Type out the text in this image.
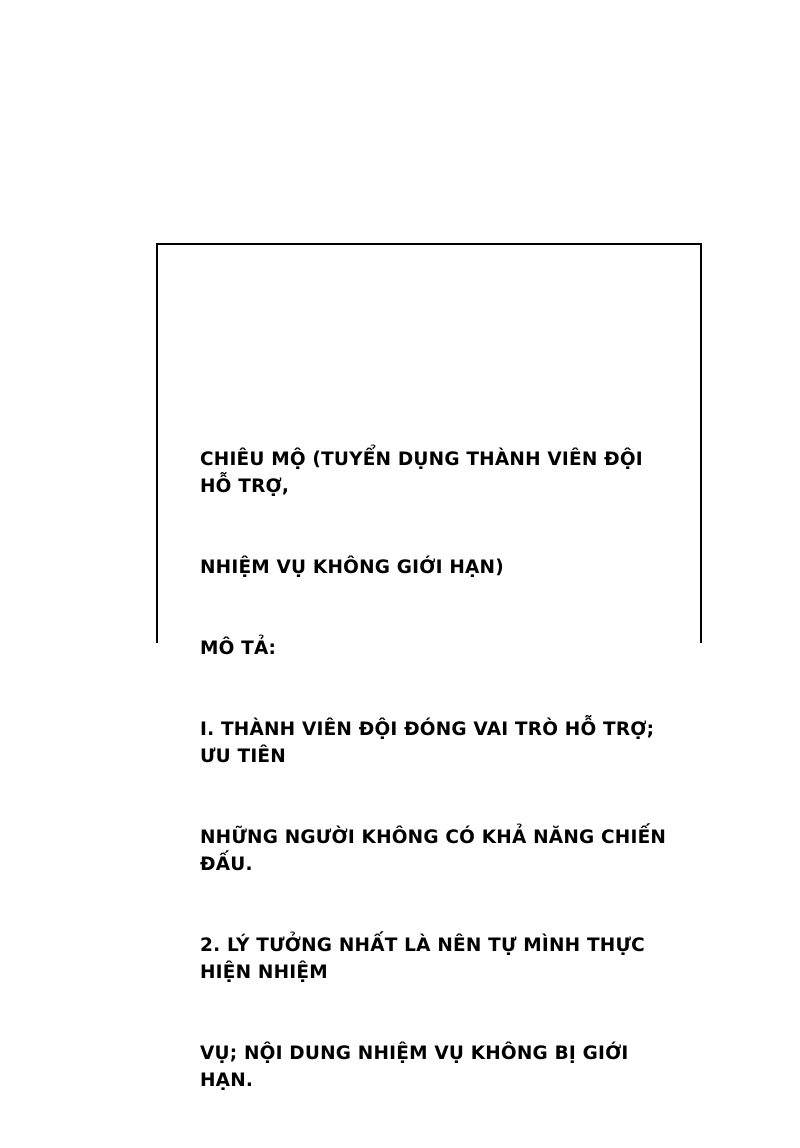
CHIÊU MỘ (TUYỂN DỤNG THÀNH VIÊN ĐỘI HỖ TRỢ,

NHIỆM VỤ KHÔNG GIỚI HẠN)

MÔ TẢ:

I. THÀNH VIÊN ĐỘI ĐÓNG VAI TRÒ HỖ TRỢ; ƯU TIÊN

NHỮNG NGƯỜI KHÔNG CÓ KHẢ NĂNG CHIẾN ĐẤU.

2. LÝ TƯỞNG NHẤT LÀ NÊN TỰ MÌNH THỰC HIỆN NHIỆM

VỤ; NỘI DUNG NHIỆM VỤ KHÔNG BỊ GIỚI HẠN.
